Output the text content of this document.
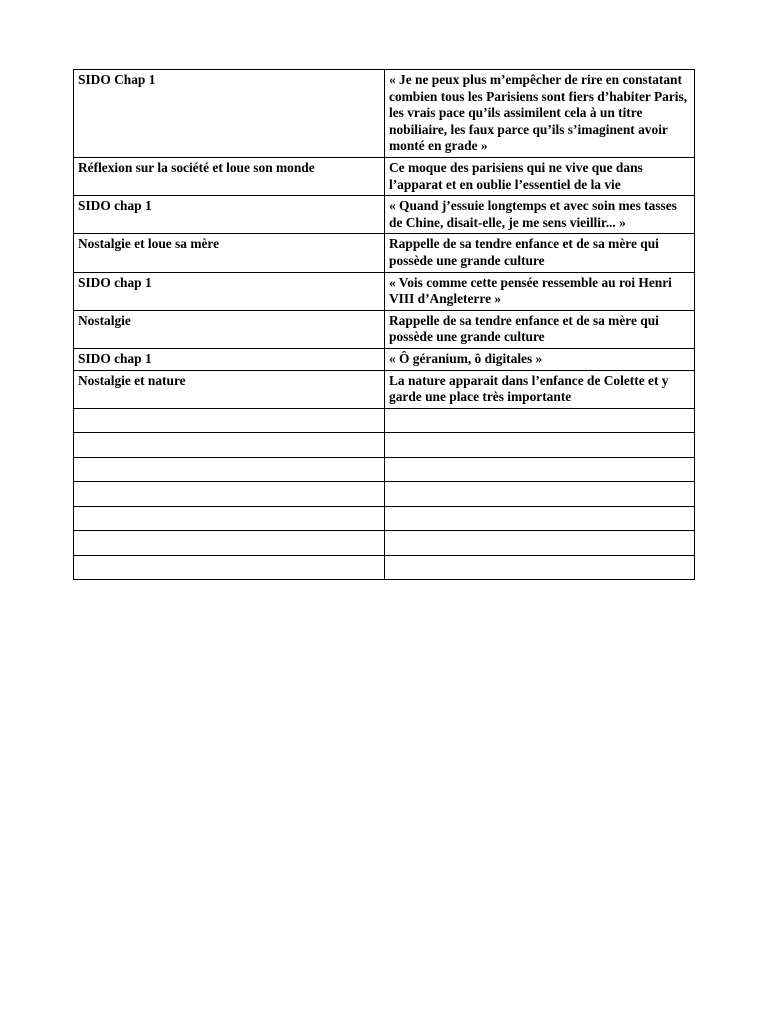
SIDO Chap 1	« Je ne peux plus m’empêcher de rire en constatant combien tous les Parisiens sont fiers d’habiter Paris, les vrais pace qu’ils assimilent cela à un titre nobiliaire, les faux parce qu’ils s’imaginent avoir monté en grade »
Réflexion sur la société et loue son monde	Ce moque des parisiens qui ne vive que dans l’apparat et en oublie l’essentiel de la vie
SIDO chap 1	« Quand j’essuie longtemps et avec soin mes tasses de Chine, disait-elle, je me sens vieillir... »
Nostalgie et loue sa mère	Rappelle de sa tendre enfance et de sa mère qui possède une grande culture
SIDO chap 1	« Vois comme cette pensée ressemble au roi Henri VIII d’Angleterre »
Nostalgie	Rappelle de sa tendre enfance et de sa mère qui possède une grande culture
SIDO chap 1	« Ô géranium, ô digitales »
Nostalgie et nature	La nature apparait dans l’enfance de Colette et y garde une place très importante
